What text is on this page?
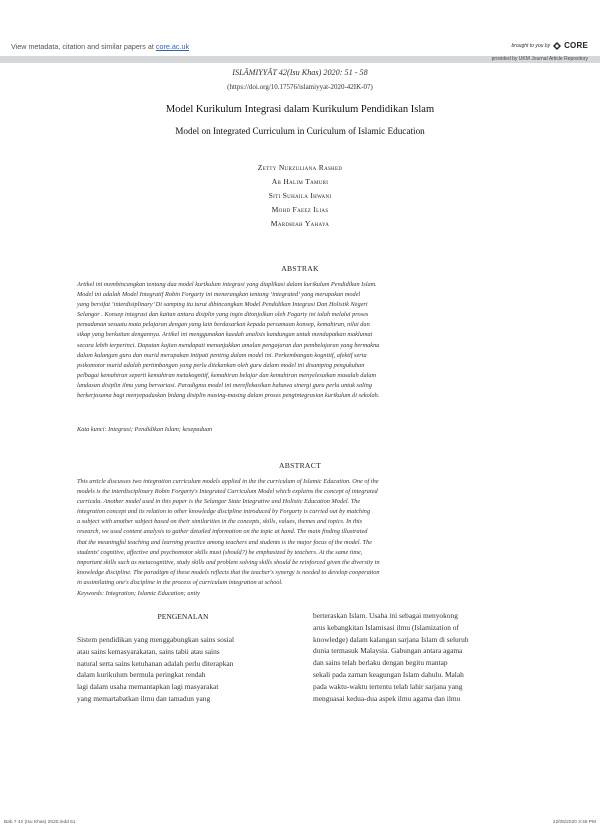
View metadata, citation and similar papers at core.ac.uk	brought to you by CORE
provided by UKM Journal Article Repository
ISLĀMIYYĀT 42(Isu Khas) 2020: 51 - 58
(https://doi.org/10.17576/islamiyyat-2020-42IK-07)
Model Kurikulum Integrasi dalam Kurikulum Pendidikan Islam
Model on Integrated Curriculum in Curiculum of Islamic Education
Zetty Nurzuliana Rashed
Ab Halim Tamuri
Siti Suhaila Ihwani
Mohd Faeez Ilias
Mardhiah Yahaya
ABSTRAK
Artikel ini membincangkan tentang dua model kurikulum integrasi yang diaplikasi dalam kurikulum Pendidikan Islam.
Model ini adalah Model Integratif Robin Forgarty ini menerangkan tentang ‘integrated’ yang merupakan model
yang bersifat ‘interdisiplinary’ Di samping itu turut dibincangkan Model Pendidikan Integrasi Dan Holistik Negeri
Selangor . Konsep integrasi dan kaitan antara disiplin yang ingin ditonjolkan oleh Fogarty ini ialah melalui proses
pemadanan sesuatu mata pelajaran dengan yang lain berdasarkan kepada persamaan konsep, kemahiran, nilai dan
sikap yang berkaitan dengannya. Artikel ini menggunakan kaedah analisis kandungan untuk mendapatkan maklumat
secara lebih terperinci. Dapatan kajian mendapati menunjukkan amalan pengajaran dan pembelajaran yang bermakna
dalam kalangan guru dan murid merupakan intipati penting dalam model ini. Perkembangan kognitif, afektif serta
psikomotor murid adalah pertimbangan yang perlu ditekankan oleh guru dalam model ini disamping pengukuhan
pelbagai kemahiran seperti kemahiran metakognitif, kemahiran belajar dan kemahiran menyelesaikan masalah dalam
landasan disiplin ilmu yang bervariasi. Paradigma model ini mereflekasikan bahawa sinergi guru perlu untuk saling
berkerjasama bagi menyepaduskan bidang disiplin masing-masing dalam proses pengintegrasian kurikulum di sekolah.
Kata kunci: Integrasi; Pendidikan Islam; kesepaduan
ABSTRACT
This article discusses two integration curriculum models applied in the the curriculum of Islamic Education. One of the
models is the interdisciplinary Robin Forgarty's Integrated Curriculum Model which explains the concept of integrated
curricula. Another model used in this paper is the Selangor State Integrative and Holistic Education Model. The
integration concept and its relation to other knowledge discipline introduced by Forgarty is carried out by matching
a subject with another subject based on their similarities in the concepts, skills, values, themes and topics. In this
research, we used content analysis to gather detailed information on the topic at hand. The main finding illustrated
that the meaningful teaching and learning practice among teachers and students is the major focus of the model. The
students' cognitive, affective and psychomotor skills must (should?) be emphasized by teachers. At the same time,
important skills such as metacognitive, study skills and problem solving skills should be reinforced given the diversity in
knowledge discipline. The paradigm of these models reflects that the teacher's synergy is needed to develop cooperation
in assimilating one's discipline in the process of curriculum integration at school.
Keywords: Integration; Islamic Education; unity
PENGENALAN
Sistem pendidikan yang menggabungkan sains sosial
atau sains kemasyarakatan, sains tabii atau sains
natural serta sains ketuhanan adalah perlu diterapkan
dalam kurikulum bermula peringkat rendah
lagi dalam usaha memantapkan lagi masyarakat
yang memartabatkan ilmu dan tamadun yang
berteraskan Islam. Usaha ini sebagai menyokong
arus kebangkitan Islamisasi ilmu (Islamization of
knowledge) dalam kalangan sarjana Islam di seluruh
dunia termasuk Malaysia. Gabungan antara agama
dan sains telah berlaku dengan begitu mantap
sekali pada zaman keagungan Islam dahulu. Malah
pada waktu-waktu tertentu telah lahir sarjana yang
menguasai kedua-dua aspek ilmu agama dan ilmu
Bab 7 42 (Isu Khas) 2020.indd 51	22/05/2020 3:48 PM
